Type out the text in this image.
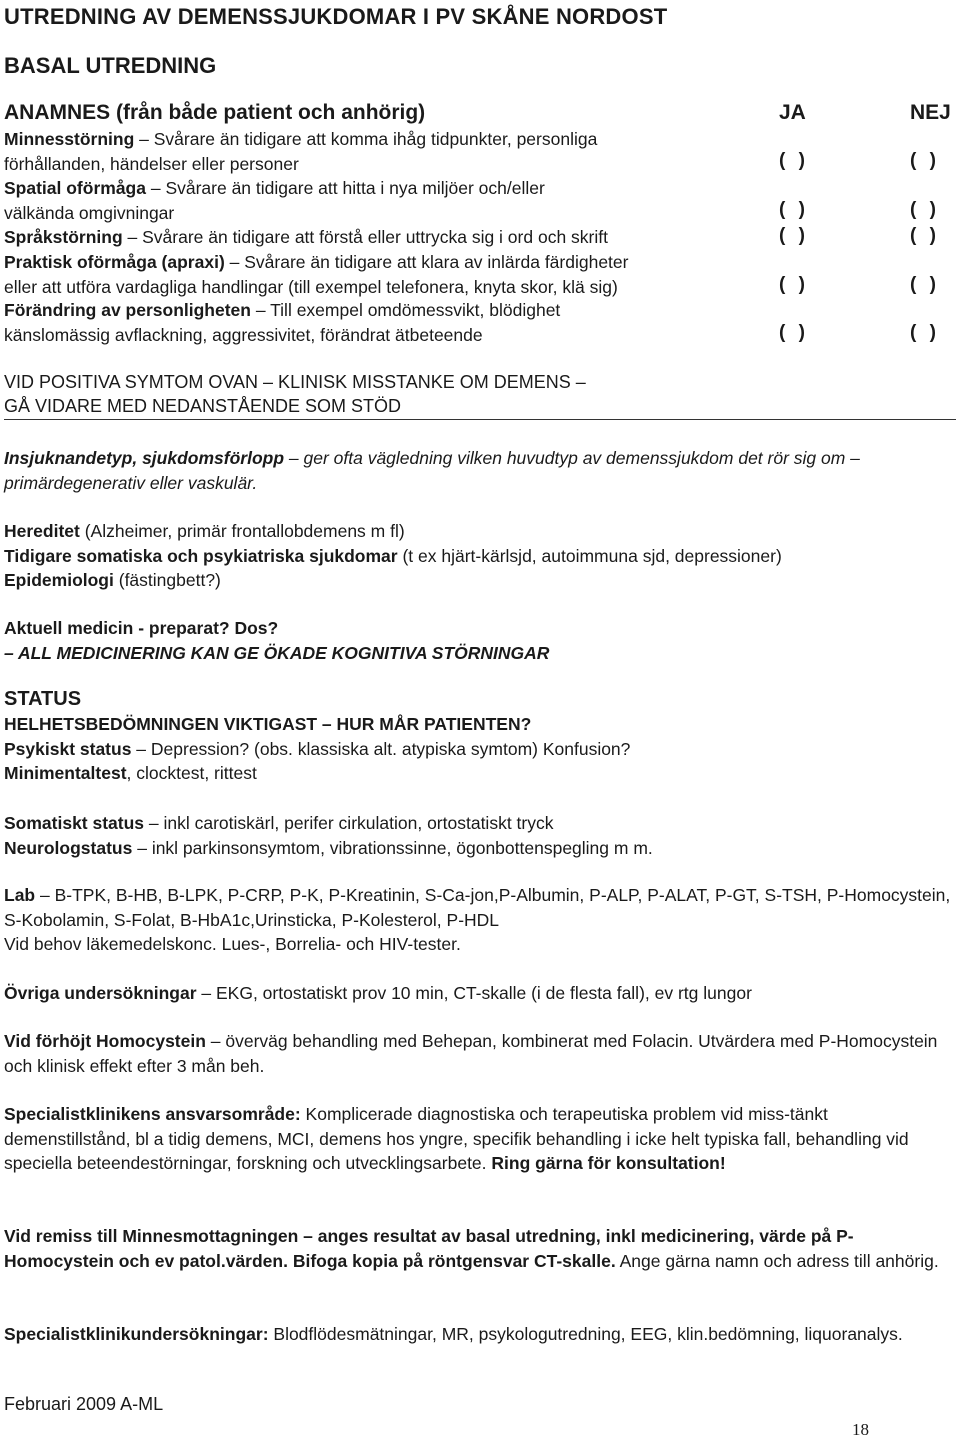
UTREDNING AV DEMENSSJUKDOMAR I PV SKÅNE NORDOST
BASAL UTREDNING
ANAMNES (från både patient och anhörig)	JA	NEJ
Minnesstörning – Svårare än tidigare att komma ihåg tidpunkter, personliga
förhållanden, händelser eller personer	( )	( )
Spatial oförmåga – Svårare än tidigare att hitta i nya miljöer och/eller
välkända omgivningar	( )	( )
Språkstörning – Svårare än tidigare att förstå eller uttrycka sig i ord och skrift	( )	( )
Praktisk oförmåga (apraxi) – Svårare än tidigare att klara av inlärda färdigheter
eller att utföra vardagliga handlingar (till exempel telefonera, knyta skor, klä sig)	( )	( )
Förändring av personligheten – Till exempel omdömessvikt, blödighet
känslomässig avflackning, aggressivitet, förändrat ätbeteende	( )	( )
VID POSITIVA SYMTOM OVAN – KLINISK MISSTANKE OM DEMENS –
GÅ VIDARE MED NEDANSTÅENDE SOM STÖD
Insjuknandetyp, sjukdomsförlopp – ger ofta vägledning vilken huvudtyp av demenssjukdom det rör sig om – primärdegenerativ eller vaskulär.
Hereditet (Alzheimer, primär frontallobdemens m fl)
Tidigare somatiska och psykiatriska sjukdomar (t ex hjärt-kärlsjd, autoimmuna sjd, depressioner)
Epidemiologi (fästingbett?)
Aktuell medicin - preparat? Dos?
– ALL MEDICINERING KAN GE ÖKADE KOGNITIVA STÖRNINGAR
STATUS
HELHETSBEDÖMNINGEN VIKTIGAST – HUR MÅR PATIENTEN?
Psykiskt status – Depression? (obs. klassiska alt. atypiska symtom) Konfusion?
Minimentaltest, clocktest, rittest
Somatiskt status – inkl carotiskärl, perifer cirkulation, ortostatiskt tryck
Neurologstatus – inkl parkinsonsymtom, vibrationssinne, ögonbottenspegling m m.
Lab – B-TPK, B-HB, B-LPK, P-CRP, P-K, P-Kreatinin, S-Ca-jon,P-Albumin, P-ALP, P-ALAT, P-GT, S-TSH, P-Homocystein, S-Kobolamin, S-Folat, B-HbA1c,Urinsticka, P-Kolesterol, P-HDL
Vid behov läkemedelskonc. Lues-, Borrelia- och HIV-tester.
Övriga undersökningar – EKG, ortostatiskt prov 10 min, CT-skalle (i de flesta fall), ev rtg lungor
Vid förhöjt Homocystein – överväg behandling med Behepan, kombinerat med Folacin. Utvärdera med P-Homocystein och klinisk effekt efter 3 mån beh.
Specialistklinikens ansvarsområde: Komplicerade diagnostiska och terapeutiska problem vid miss-tänkt demenstillstånd, bl a tidig demens, MCI, demens hos yngre, specifik behandling i icke helt typiska fall, behandling vid speciella beteendestörningar, forskning och utvecklingsarbete. Ring gärna för konsultation!
Vid remiss till Minnesmottagningen – anges resultat av basal utredning, inkl medicinering, värde på P-Homocystein och ev patol.värden. Bifoga kopia på röntgensvar CT-skalle. Ange gärna namn och adress till anhörig.
Specialistklinikundersökningar: Blodflödesmätningar, MR, psykologutredning, EEG, klin.bedömning, liquoranalys.
Februari 2009 A-ML
18
